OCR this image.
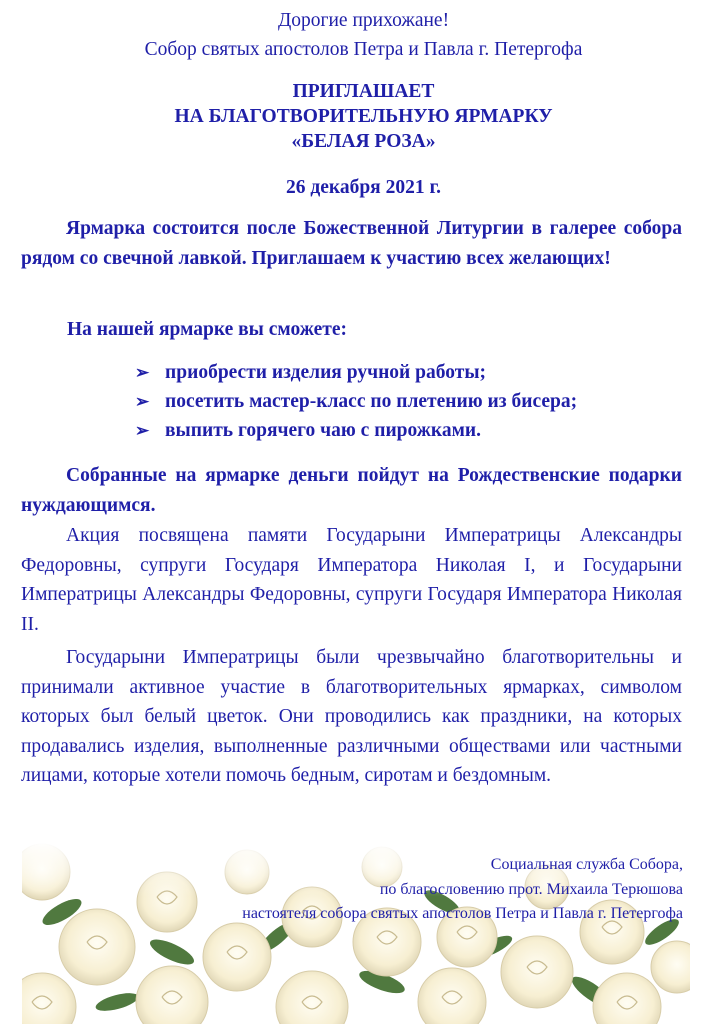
Дорогие прихожане!
Собор святых апостолов Петра и Павла г. Петергофа
ПРИГЛАШАЕТ
НА БЛАГОТВОРИТЕЛЬНУЮ ЯРМАРКУ
«БЕЛАЯ РОЗА»
26 декабря 2021 г.

Ярмарка состоится после Божественной Литургии в галерее собора рядом со свечной лавкой. Приглашаем к участию всех желающих!

На нашей ярмарке вы сможете:
➢ приобрести изделия ручной работы;
➢ посетить мастер-класс по плетению из бисера;
➢ выпить горячего чаю с пирожками.

Собранные на ярмарке деньги пойдут на Рождественские подарки нуждающимся.

Акция посвящена памяти Государыни Императрицы Александры Федоровны, супруги Государя Императора Николая I, и Государыни Императрицы Александры Федоровны, супруги Государя Императора Николая II.

Государыни Императрицы были чрезвычайно благотворительны и принимали активное участие в благотворительных ярмарках, символом которых был белый цветок. Они проводились как праздники, на которых продавались изделия, выполненные различными обществами или частными лицами, которые хотели помочь бедным, сиротам и бездомным.

Социальная служба Собора,
по благословению прот. Михаила Терюшова
настоятеля собора святых апостолов Петра и Павла г. Петергофа
